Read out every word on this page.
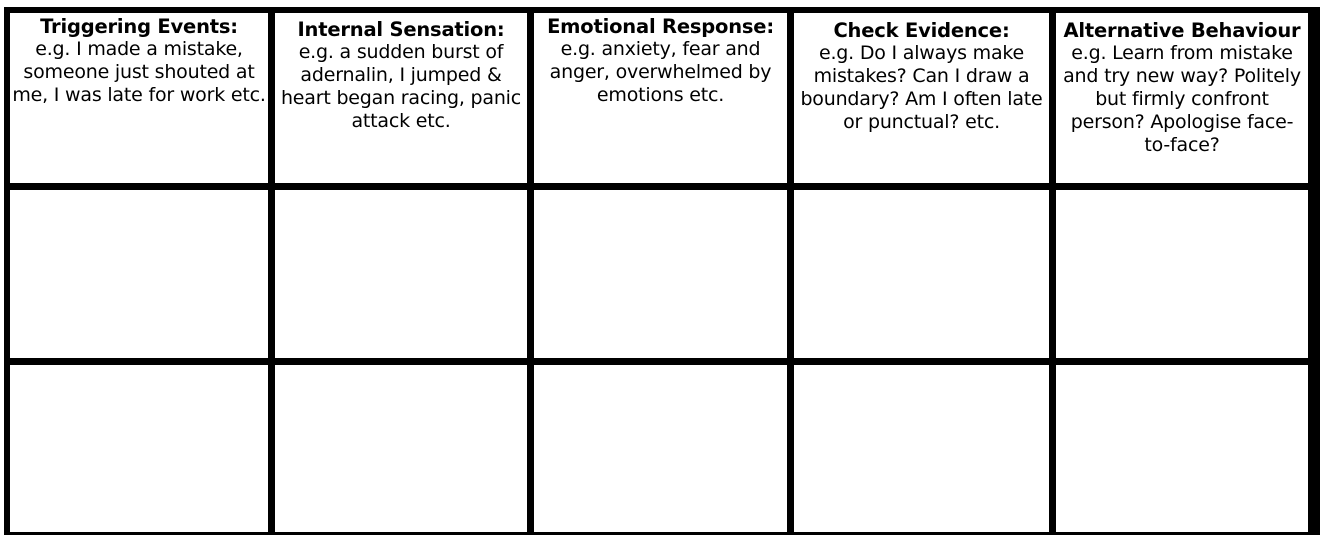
Triggering Events:
e.g. I made a mistake, someone just shouted at me, I was late for work etc.
Internal Sensation:
e.g. a sudden burst of adernalin, I jumped & heart began racing, panic attack etc.
Emotional Response:
e.g. anxiety, fear and anger, overwhelmed by emotions etc.
Check Evidence:
e.g. Do I always make mistakes? Can I draw a boundary? Am I often late or punctual? etc.
Alternative Behaviour
e.g. Learn from mistake and try new way? Politely but firmly confront person? Apologise face-to-face?
